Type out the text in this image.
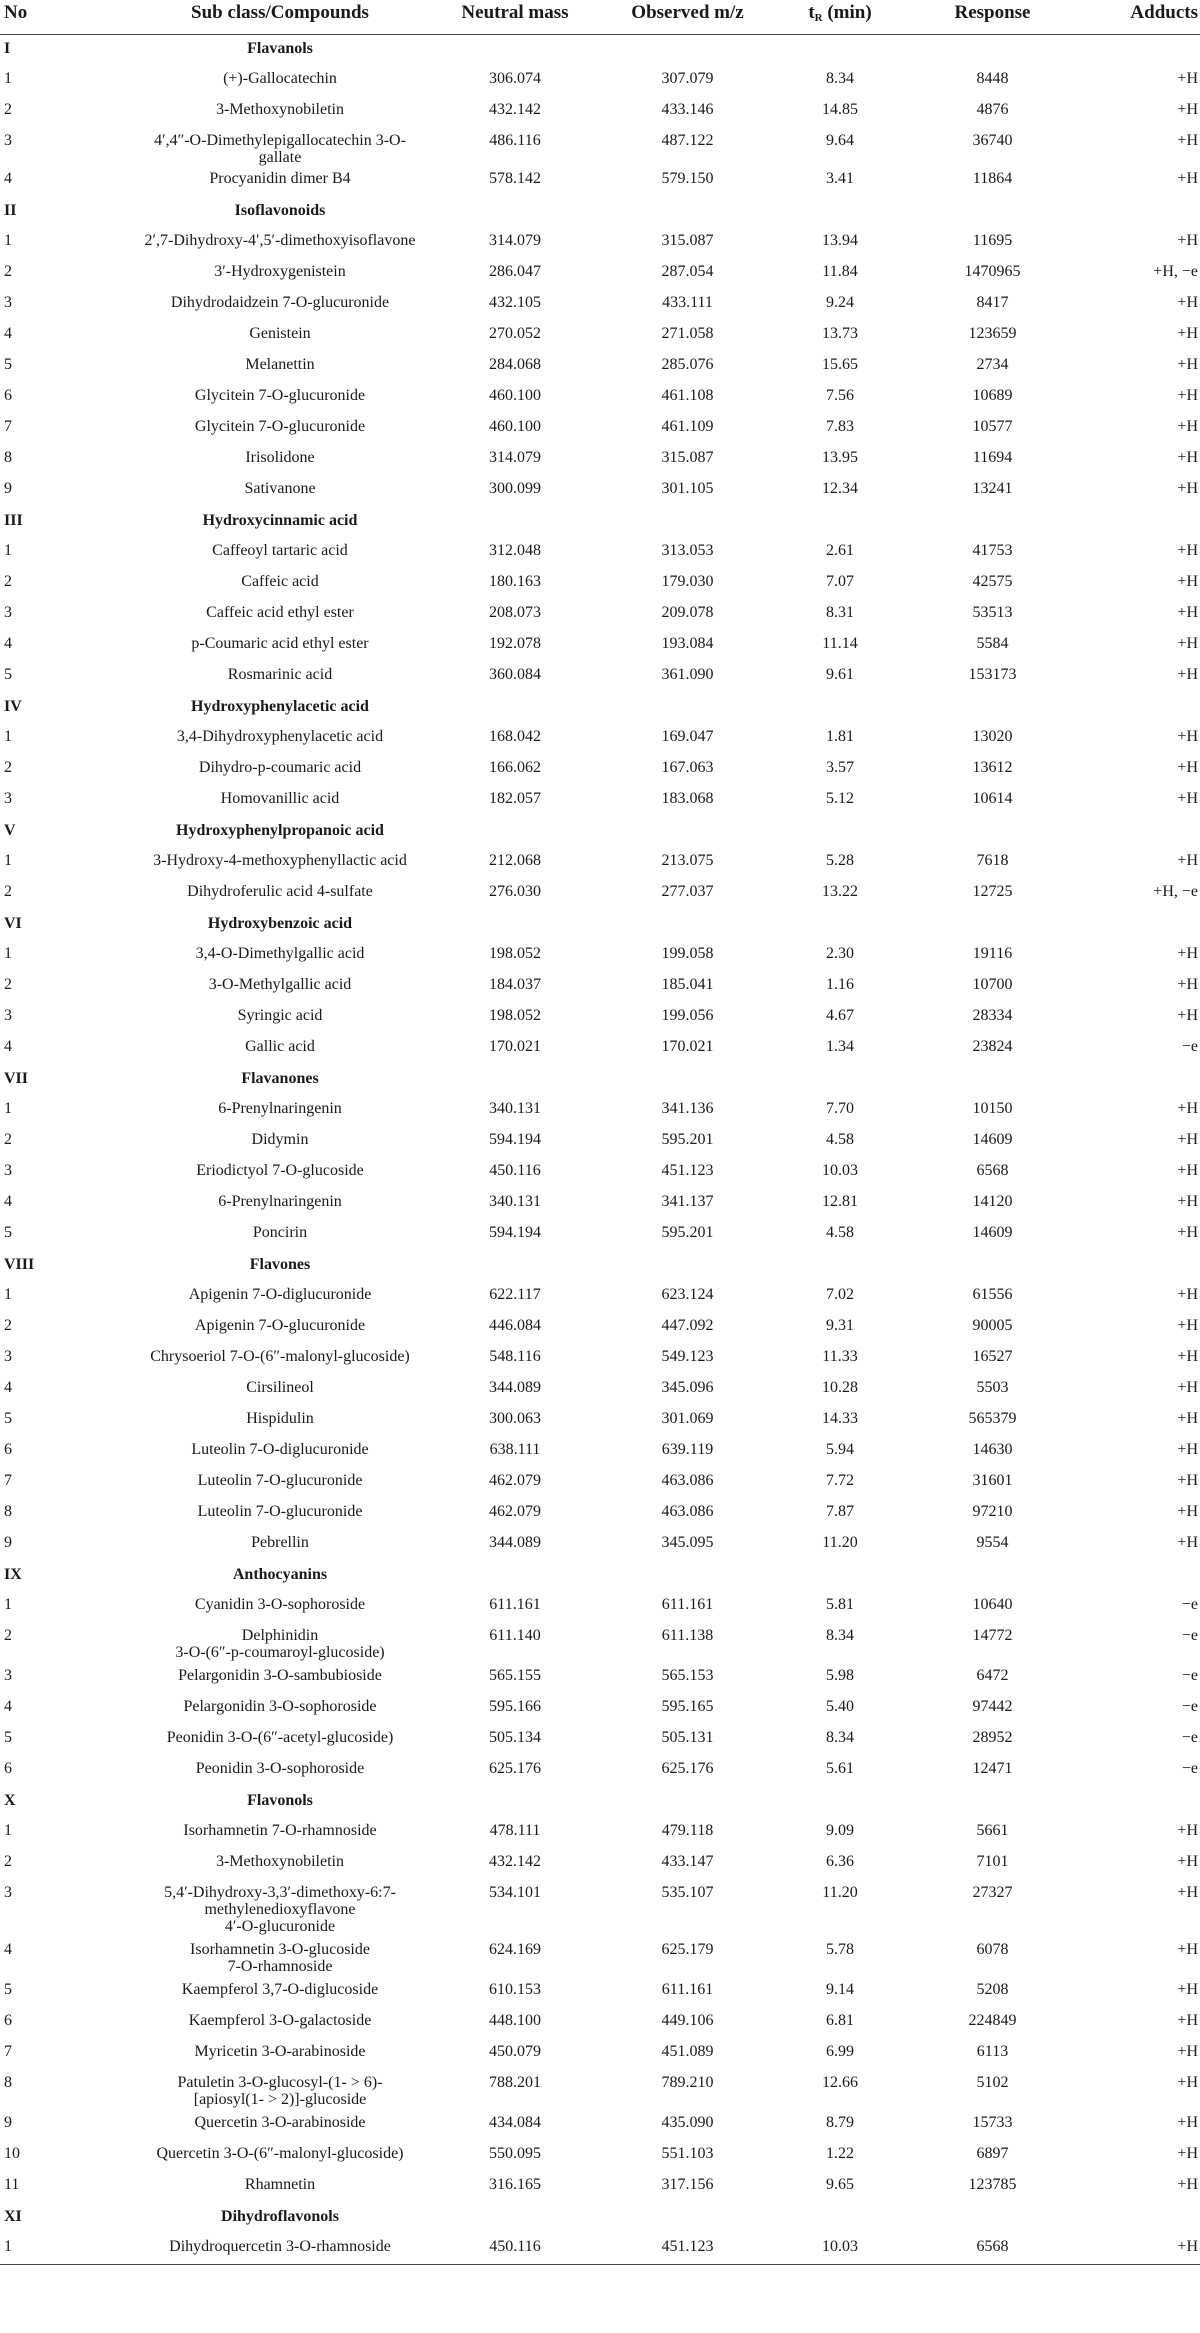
No	Sub class/Compounds	Neutral mass	Observed m/z	$t_R$ (min)	Response	Adducts
I	Flavanols					
1	(+)-Gallocatechin	306.074	307.079	8.34	8448	+H
2	3-Methoxynobiletin	432.142	433.146	14.85	4876	+H
3	4′,4″-O-Dimethylepigallocatechin 3-O-gallate	486.116	487.122	9.64	36740	+H
4	Procyanidin dimer B4	578.142	579.150	3.41	11864	+H
II	Isoflavonoids					
1	2′,7-Dihydroxy-4′,5′-dimethoxyisoflavone	314.079	315.087	13.94	11695	+H
2	3′-Hydroxygenistein	286.047	287.054	11.84	1470965	+H, −e
3	Dihydrodaidzein 7-O-glucuronide	432.105	433.111	9.24	8417	+H
4	Genistein	270.052	271.058	13.73	123659	+H
5	Melanettin	284.068	285.076	15.65	2734	+H
6	Glycitein 7-O-glucuronide	460.100	461.108	7.56	10689	+H
7	Glycitein 7-O-glucuronide	460.100	461.109	7.83	10577	+H
8	Irisolidone	314.079	315.087	13.95	11694	+H
9	Sativanone	300.099	301.105	12.34	13241	+H
III	Hydroxycinnamic acid					
1	Caffeoyl tartaric acid	312.048	313.053	2.61	41753	+H
2	Caffeic acid	180.163	179.030	7.07	42575	+H
3	Caffeic acid ethyl ester	208.073	209.078	8.31	53513	+H
4	p-Coumaric acid ethyl ester	192.078	193.084	11.14	5584	+H
5	Rosmarinic acid	360.084	361.090	9.61	153173	+H
IV	Hydroxyphenylacetic acid					
1	3,4-Dihydroxyphenylacetic acid	168.042	169.047	1.81	13020	+H
2	Dihydro-p-coumaric acid	166.062	167.063	3.57	13612	+H
3	Homovanillic acid	182.057	183.068	5.12	10614	+H
V	Hydroxyphenylpropanoic acid					
1	3-Hydroxy-4-methoxyphenyllactic acid	212.068	213.075	5.28	7618	+H
2	Dihydroferulic acid 4-sulfate	276.030	277.037	13.22	12725	+H, −e
VI	Hydroxybenzoic acid					
1	3,4-O-Dimethylgallic acid	198.052	199.058	2.30	19116	+H
2	3-O-Methylgallic acid	184.037	185.041	1.16	10700	+H
3	Syringic acid	198.052	199.056	4.67	28334	+H
4	Gallic acid	170.021	170.021	1.34	23824	−e
VII	Flavanones					
1	6-Prenylnaringenin	340.131	341.136	7.70	10150	+H
2	Didymin	594.194	595.201	4.58	14609	+H
3	Eriodictyol 7-O-glucoside	450.116	451.123	10.03	6568	+H
4	6-Prenylnaringenin	340.131	341.137	12.81	14120	+H
5	Poncirin	594.194	595.201	4.58	14609	+H
VIII	Flavones					
1	Apigenin 7-O-diglucuronide	622.117	623.124	7.02	61556	+H
2	Apigenin 7-O-glucuronide	446.084	447.092	9.31	90005	+H
3	Chrysoeriol 7-O-(6″-malonyl-glucoside)	548.116	549.123	11.33	16527	+H
4	Cirsilineol	344.089	345.096	10.28	5503	+H
5	Hispidulin	300.063	301.069	14.33	565379	+H
6	Luteolin 7-O-diglucuronide	638.111	639.119	5.94	14630	+H
7	Luteolin 7-O-glucuronide	462.079	463.086	7.72	31601	+H
8	Luteolin 7-O-glucuronide	462.079	463.086	7.87	97210	+H
9	Pebrellin	344.089	345.095	11.20	9554	+H
IX	Anthocyanins					
1	Cyanidin 3-O-sophoroside	611.161	611.161	5.81	10640	−e
2	Delphinidin
3-O-(6″-p-coumaroyl-glucoside)	611.140	611.138	8.34	14772	−e
3	Pelargonidin 3-O-sambubioside	565.155	565.153	5.98	6472	−e
4	Pelargonidin 3-O-sophoroside	595.166	595.165	5.40	97442	−e
5	Peonidin 3-O-(6″-acetyl-glucoside)	505.134	505.131	8.34	28952	−e
6	Peonidin 3-O-sophoroside	625.176	625.176	5.61	12471	−e
X	Flavonols					
1	Isorhamnetin 7-O-rhamnoside	478.111	479.118	9.09	5661	+H
2	3-Methoxynobiletin	432.142	433.147	6.36	7101	+H
3	5,4′-Dihydroxy-3,3′-dimethoxy-6:7-
methylenedioxyflavone
4′-O-glucuronide	534.101	535.107	11.20	27327	+H
4	Isorhamnetin 3-O-glucoside
7-O-rhamnoside	624.169	625.179	5.78	6078	+H
5	Kaempferol 3,7-O-diglucoside	610.153	611.161	9.14	5208	+H
6	Kaempferol 3-O-galactoside	448.100	449.106	6.81	224849	+H
7	Myricetin 3-O-arabinoside	450.079	451.089	6.99	6113	+H
8	Patuletin 3-O-glucosyl-(1- > 6)-
[apiosyl(1- > 2)]-glucoside	788.201	789.210	12.66	5102	+H
9	Quercetin 3-O-arabinoside	434.084	435.090	8.79	15733	+H
10	Quercetin 3-O-(6″-malonyl-glucoside)	550.095	551.103	1.22	6897	+H
11	Rhamnetin	316.165	317.156	9.65	123785	+H
XI	Dihydroflavonols					
1	Dihydroquercetin 3-O-rhamnoside	450.116	451.123	10.03	6568	+H
